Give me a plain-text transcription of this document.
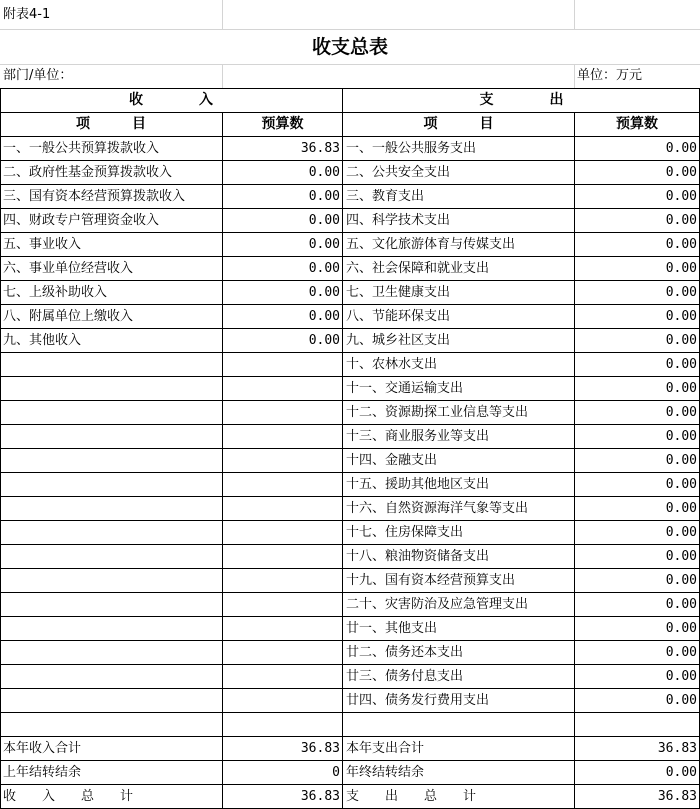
附表4-1
收支总表
部门/单位：	单位：万元
收　　　　入	支　　　　出
项　　　目	预算数	项　　　目	预算数
一、一般公共预算拨款收入	36.83 一、一般公共服务支出	0.00
二、政府性基金预算拨款收入	0.00 二、公共安全支出	0.00
三、国有资本经营预算拨款收入	0.00 三、教育支出	0.00
四、财政专户管理资金收入	0.00 四、科学技术支出	0.00
五、事业收入	0.00 五、文化旅游体育与传媒支出	0.00
六、事业单位经营收入	0.00 六、社会保障和就业支出	0.00
七、上级补助收入	0.00 七、卫生健康支出	0.00
八、附属单位上缴收入	0.00 八、节能环保支出	0.00
九、其他收入	0.00 九、城乡社区支出	0.00
十、农林水支出	0.00
十一、交通运输支出	0.00
十二、资源勘探工业信息等支出	0.00
十三、商业服务业等支出	0.00
十四、金融支出	0.00
十五、援助其他地区支出	0.00
十六、自然资源海洋气象等支出	0.00
十七、住房保障支出	0.00
十八、粮油物资储备支出	0.00
十九、国有资本经营预算支出	0.00
二十、灾害防治及应急管理支出	0.00
廿一、其他支出	0.00
廿二、债务还本支出	0.00
廿三、债务付息支出	0.00
廿四、债务发行费用支出	0.00
本年收入合计	36.83 本年支出合计	36.83
上年结转结余	0 年终结转结余	0.00
收　　入　　总　　计	36.83 支　　出　　总　　计	36.83
